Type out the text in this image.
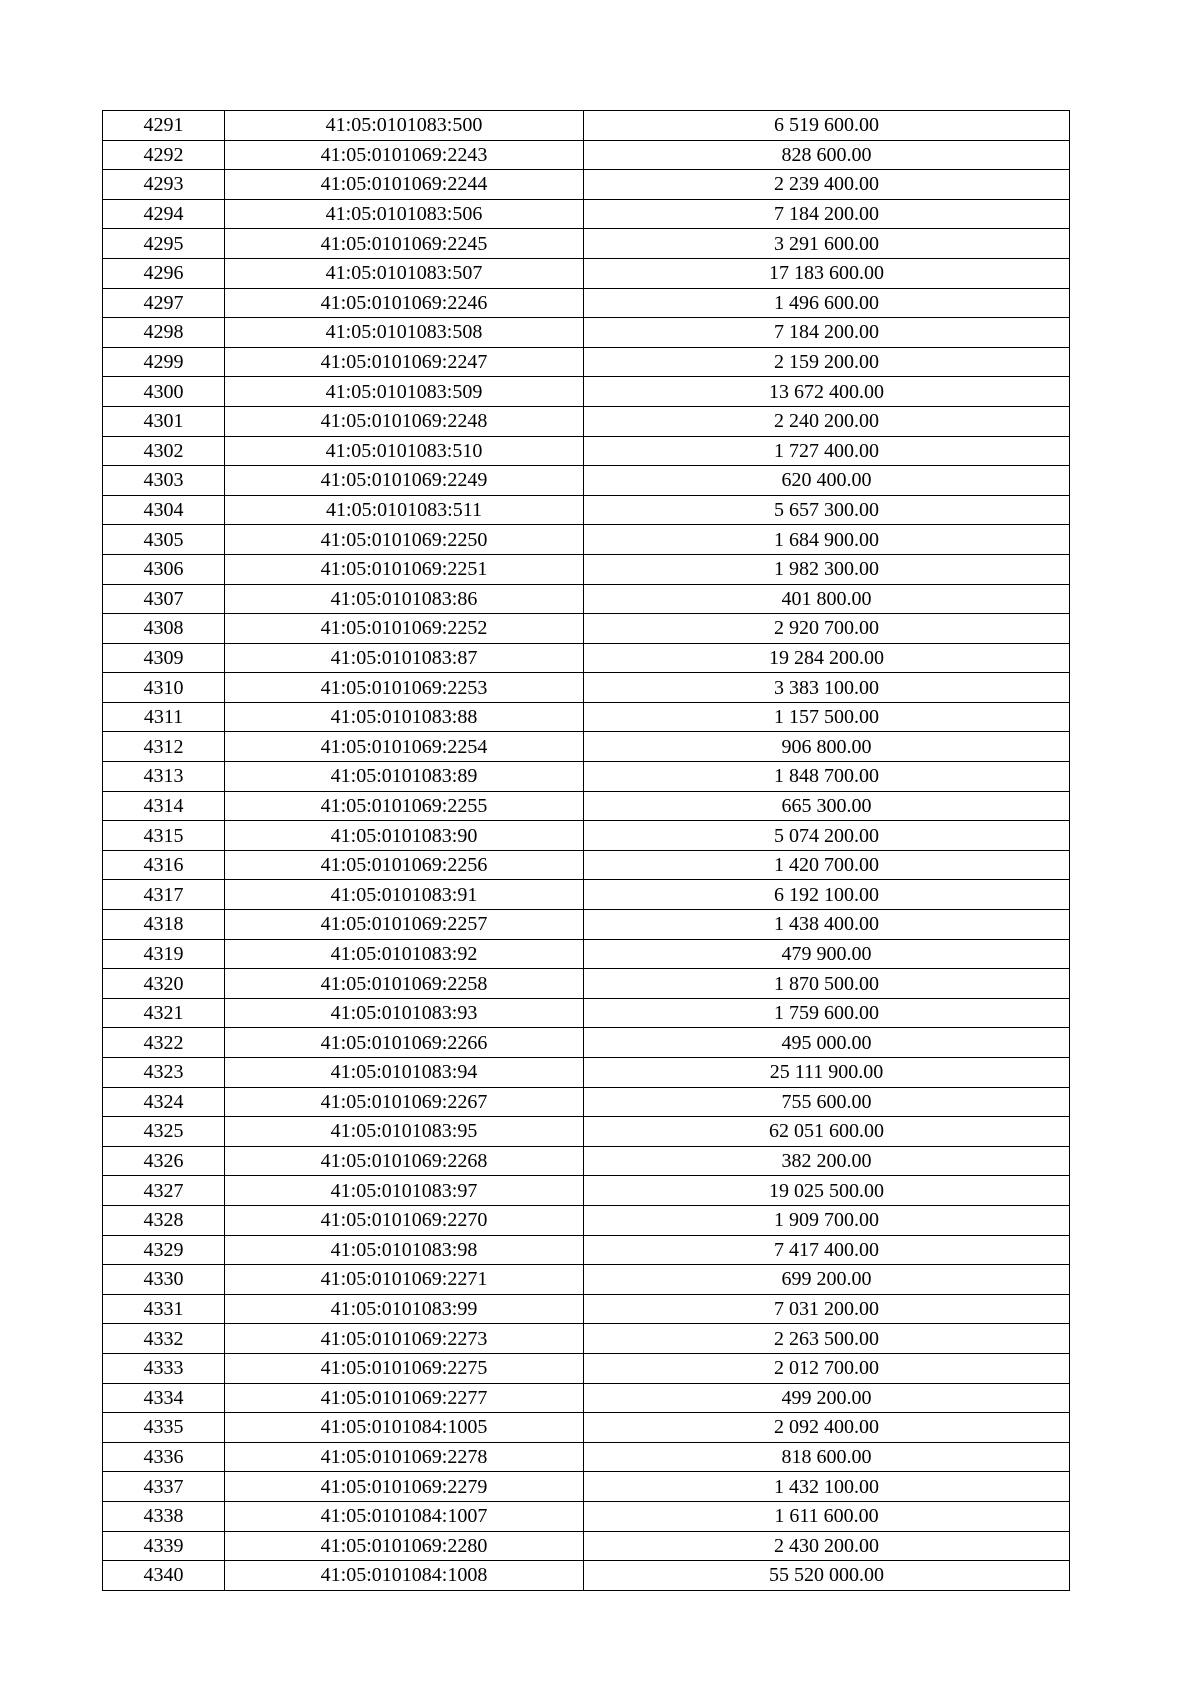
4291	41:05:0101083:500	6 519 600.00
4292	41:05:0101069:2243	828 600.00
4293	41:05:0101069:2244	2 239 400.00
4294	41:05:0101083:506	7 184 200.00
4295	41:05:0101069:2245	3 291 600.00
4296	41:05:0101083:507	17 183 600.00
4297	41:05:0101069:2246	1 496 600.00
4298	41:05:0101083:508	7 184 200.00
4299	41:05:0101069:2247	2 159 200.00
4300	41:05:0101083:509	13 672 400.00
4301	41:05:0101069:2248	2 240 200.00
4302	41:05:0101083:510	1 727 400.00
4303	41:05:0101069:2249	620 400.00
4304	41:05:0101083:511	5 657 300.00
4305	41:05:0101069:2250	1 684 900.00
4306	41:05:0101069:2251	1 982 300.00
4307	41:05:0101083:86	401 800.00
4308	41:05:0101069:2252	2 920 700.00
4309	41:05:0101083:87	19 284 200.00
4310	41:05:0101069:2253	3 383 100.00
4311	41:05:0101083:88	1 157 500.00
4312	41:05:0101069:2254	906 800.00
4313	41:05:0101083:89	1 848 700.00
4314	41:05:0101069:2255	665 300.00
4315	41:05:0101083:90	5 074 200.00
4316	41:05:0101069:2256	1 420 700.00
4317	41:05:0101083:91	6 192 100.00
4318	41:05:0101069:2257	1 438 400.00
4319	41:05:0101083:92	479 900.00
4320	41:05:0101069:2258	1 870 500.00
4321	41:05:0101083:93	1 759 600.00
4322	41:05:0101069:2266	495 000.00
4323	41:05:0101083:94	25 111 900.00
4324	41:05:0101069:2267	755 600.00
4325	41:05:0101083:95	62 051 600.00
4326	41:05:0101069:2268	382 200.00
4327	41:05:0101083:97	19 025 500.00
4328	41:05:0101069:2270	1 909 700.00
4329	41:05:0101083:98	7 417 400.00
4330	41:05:0101069:2271	699 200.00
4331	41:05:0101083:99	7 031 200.00
4332	41:05:0101069:2273	2 263 500.00
4333	41:05:0101069:2275	2 012 700.00
4334	41:05:0101069:2277	499 200.00
4335	41:05:0101084:1005	2 092 400.00
4336	41:05:0101069:2278	818 600.00
4337	41:05:0101069:2279	1 432 100.00
4338	41:05:0101084:1007	1 611 600.00
4339	41:05:0101069:2280	2 430 200.00
4340	41:05:0101084:1008	55 520 000.00
